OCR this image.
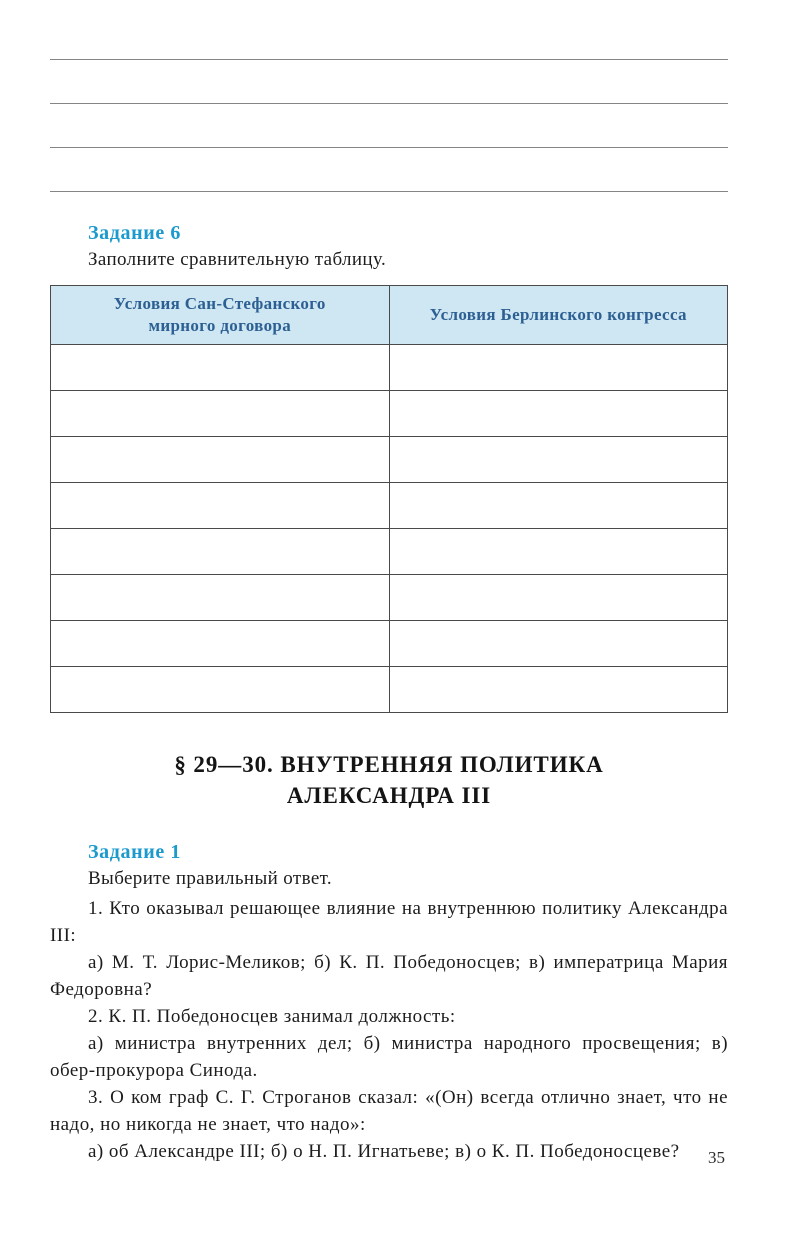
Задание 6

Заполните сравнительную таблицу.

Условия Сан-Стефанского мирного договора	Условия Берлинского конгресса

§ 29—30. ВНУТРЕННЯЯ ПОЛИТИКА
АЛЕКСАНДРА III
Задание 1

Выберите правильный ответ.

1. Кто оказывал решающее влияние на внутреннюю политику Александра III:

а) М. Т. Лорис-Меликов; б) К. П. Победоносцев; в) императрица Мария Федоровна?

2. К. П. Победоносцев занимал должность:

а) министра внутренних дел; б) министра народного просвещения; в) обер-прокурора Синода.

3. О ком граф С. Г. Строганов сказал: «(Он) всегда отлично знает, что не надо, но никогда не знает, что надо»:

а) об Александре III; б) о Н. П. Игнатьеве; в) о К. П. Победоносцеве?	35
